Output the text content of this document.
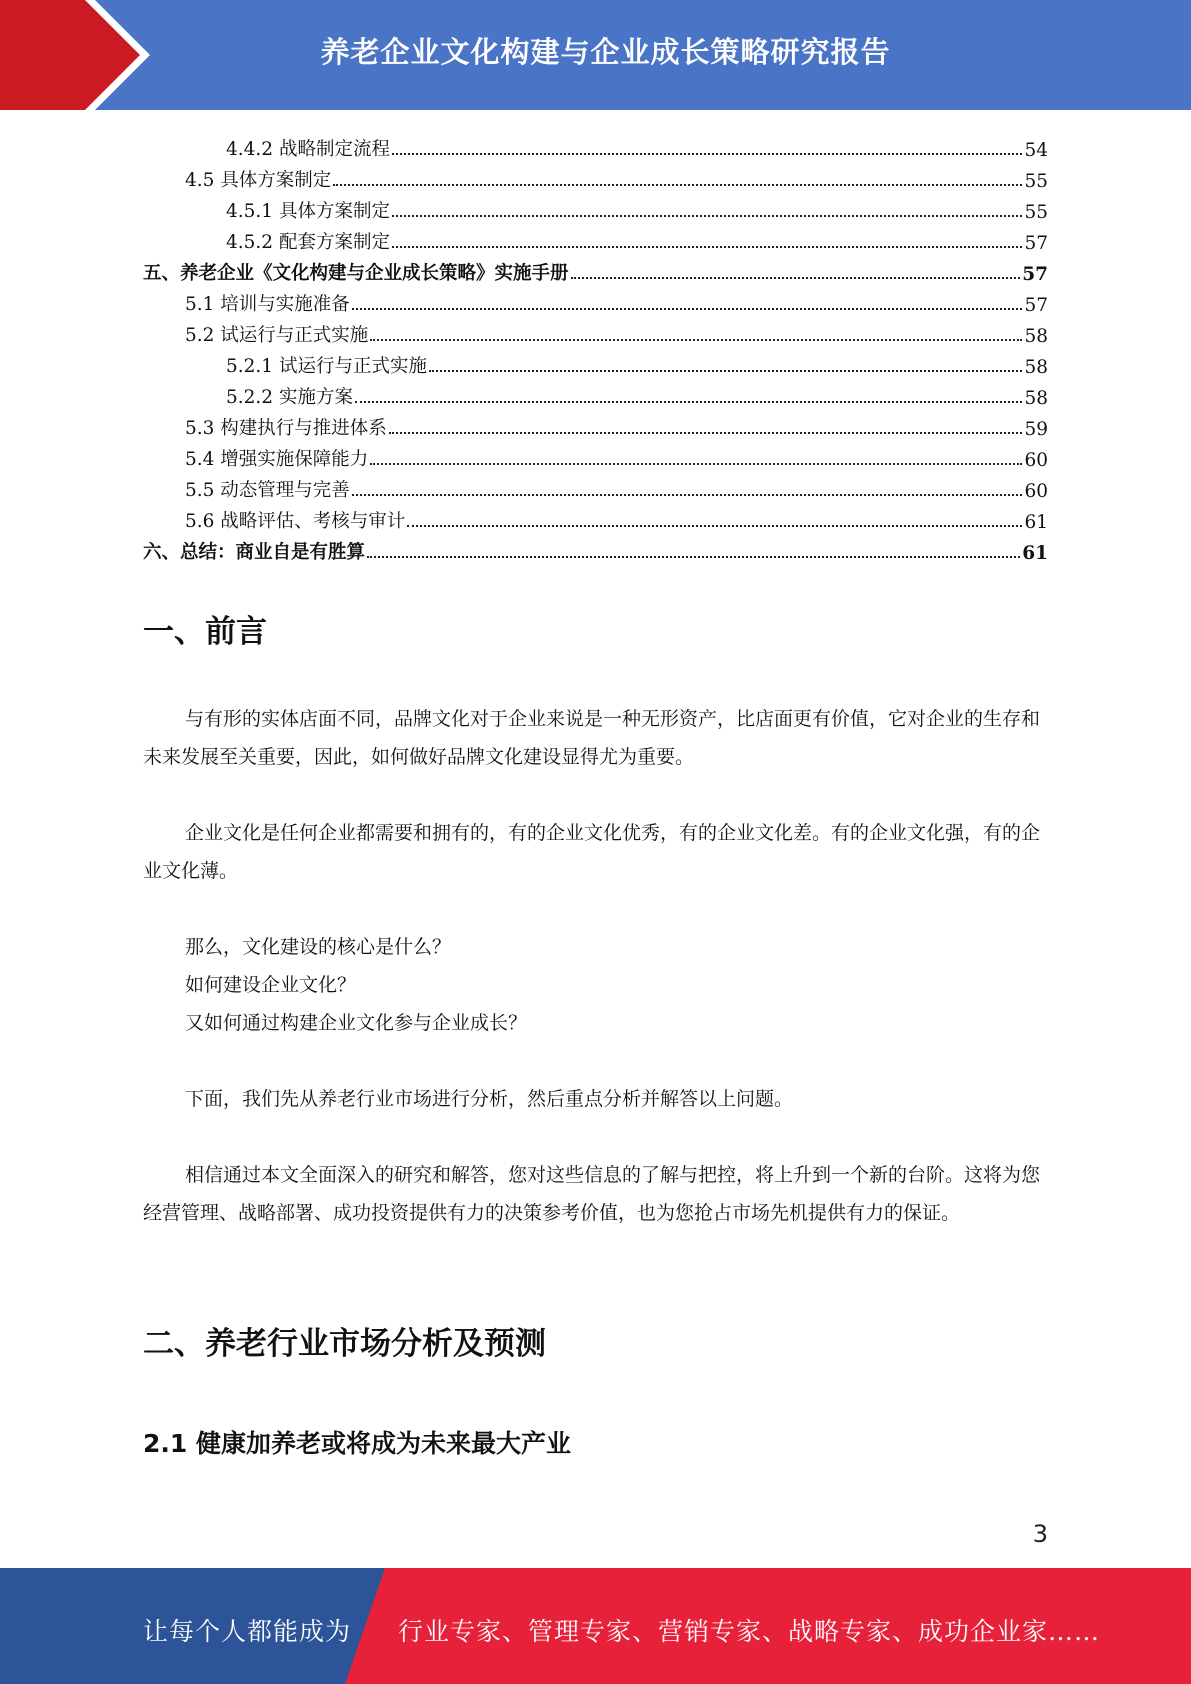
养老企业文化构建与企业成长策略研究报告
4.4.2 战略制定流程	54
4.5 具体方案制定	55
4.5.1 具体方案制定	55
4.5.2 配套方案制定	57
五、养老企业《文化构建与企业成长策略》实施手册	57
5.1 培训与实施准备	57
5.2 试运行与正式实施	58
5.2.1 试运行与正式实施	58
5.2.2 实施方案	58
5.3 构建执行与推进体系	59
5.4 增强实施保障能力	60
5.5 动态管理与完善	60
5.6 战略评估、考核与审计	61
六、总结：商业自是有胜算	61
一、前言

与有形的实体店面不同，品牌文化对于企业来说是一种无形资产，比店面更有价值，它对企业的生存和未来发展至关重要，因此，如何做好品牌文化建设显得尤为重要。

企业文化是任何企业都需要和拥有的，有的企业文化优秀，有的企业文化差。有的企业文化强，有的企业文化薄。

那么，文化建设的核心是什么？

如何建设企业文化？

又如何通过构建企业文化参与企业成长？

下面，我们先从养老行业市场进行分析，然后重点分析并解答以上问题。

相信通过本文全面深入的研究和解答，您对这些信息的了解与把控，将上升到一个新的台阶。这将为您经营管理、战略部署、成功投资提供有力的决策参考价值，也为您抢占市场先机提供有力的保证。

二、养老行业市场分析及预测
2.1 健康加养老或将成为未来最大产业
3
让每个人都能成为 行业专家、管理专家、营销专家、战略专家、成功企业家……
